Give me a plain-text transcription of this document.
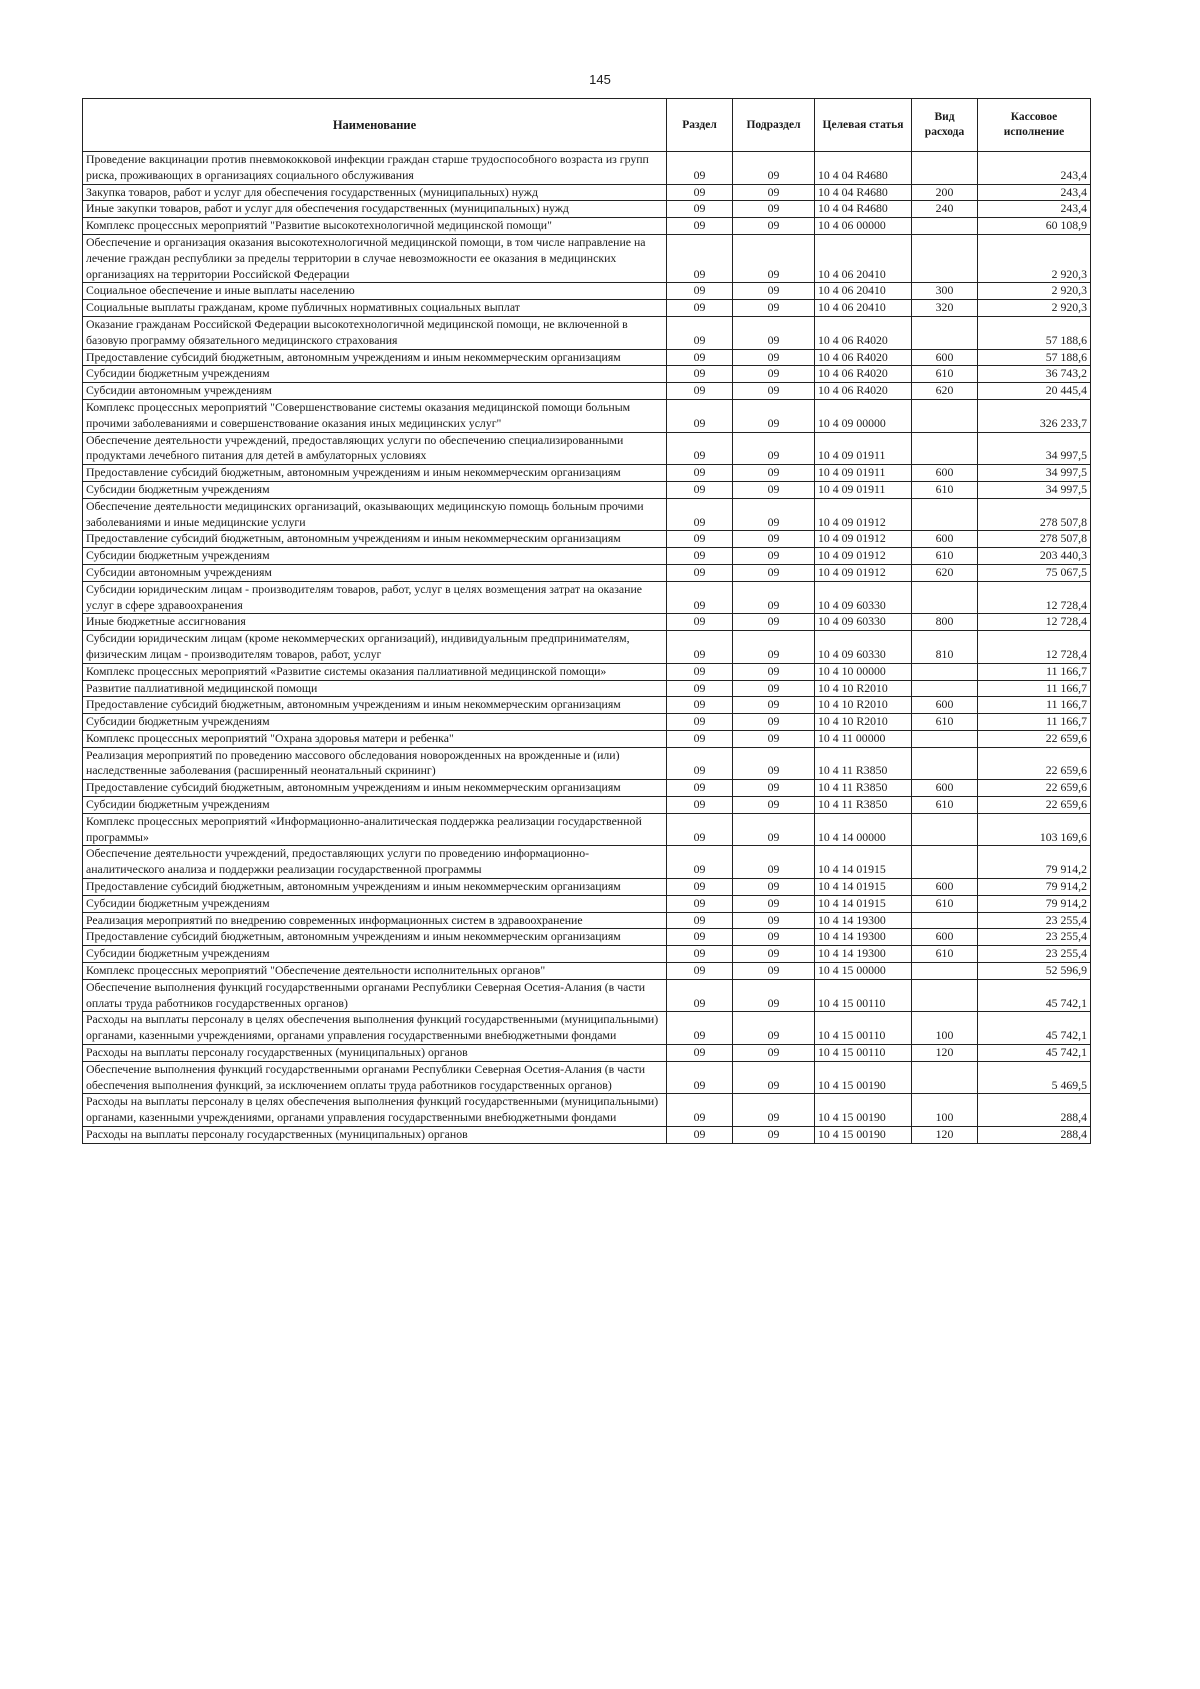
145
Наименование	Раздел	Подраздел	Целевая статья	Вид расхода	Кассовое исполнение
Проведение вакцинации против пневмококковой инфекции граждан старше трудоспособного возраста из групп риска, проживающих в организациях социального обслуживания	09	09	10 4 04 R4680		243,4
Закупка товаров, работ и услуг для обеспечения государственных (муниципальных) нужд	09	09	10 4 04 R4680	200	243,4
Иные закупки товаров, работ и услуг для обеспечения государственных (муниципальных) нужд	09	09	10 4 04 R4680	240	243,4
Комплекс процессных мероприятий "Развитие высокотехнологичной медицинской помощи"	09	09	10 4 06 00000		60 108,9
Обеспечение и организация оказания высокотехнологичной медицинской помощи, в том числе направление на лечение граждан республики за пределы территории в случае невозможности ее оказания в медицинских организациях на территории Российской Федерации	09	09	10 4 06 20410		2 920,3
Социальное обеспечение и иные выплаты населению	09	09	10 4 06 20410	300	2 920,3
Социальные выплаты гражданам, кроме публичных нормативных социальных выплат	09	09	10 4 06 20410	320	2 920,3
Оказание гражданам Российской Федерации высокотехнологичной медицинской помощи, не включенной в базовую программу обязательного медицинского страхования	09	09	10 4 06 R4020		57 188,6
Предоставление субсидий бюджетным, автономным учреждениям и иным некоммерческим организациям	09	09	10 4 06 R4020	600	57 188,6
Субсидии бюджетным учреждениям	09	09	10 4 06 R4020	610	36 743,2
Субсидии автономным учреждениям	09	09	10 4 06 R4020	620	20 445,4
Комплекс процессных мероприятий "Совершенствование системы оказания медицинской помощи больным прочими заболеваниями и совершенствование оказания иных медицинских услуг"	09	09	10 4 09 00000		326 233,7
Обеспечение деятельности учреждений, предоставляющих услуги по обеспечению специализированными продуктами лечебного питания для детей в амбулаторных условиях	09	09	10 4 09 01911		34 997,5
Предоставление субсидий бюджетным, автономным учреждениям и иным некоммерческим организациям	09	09	10 4 09 01911	600	34 997,5
Субсидии бюджетным учреждениям	09	09	10 4 09 01911	610	34 997,5
Обеспечение деятельности медицинских организаций, оказывающих медицинскую помощь больным прочими заболеваниями и иные медицинские услуги	09	09	10 4 09 01912		278 507,8
Предоставление субсидий бюджетным, автономным учреждениям и иным некоммерческим организациям	09	09	10 4 09 01912	600	278 507,8
Субсидии бюджетным учреждениям	09	09	10 4 09 01912	610	203 440,3
Субсидии автономным учреждениям	09	09	10 4 09 01912	620	75 067,5
Субсидии юридическим лицам - производителям товаров, работ, услуг в целях возмещения затрат на оказание услуг в сфере здравоохранения	09	09	10 4 09 60330		12 728,4
Иные бюджетные ассигнования	09	09	10 4 09 60330	800	12 728,4
Субсидии юридическим лицам (кроме некоммерческих организаций), индивидуальным предпринимателям, физическим лицам - производителям товаров, работ, услуг	09	09	10 4 09 60330	810	12 728,4
Комплекс процессных мероприятий «Развитие системы оказания паллиативной медицинской помощи»	09	09	10 4 10 00000		11 166,7
Развитие паллиативной медицинской помощи	09	09	10 4 10 R2010		11 166,7
Предоставление субсидий бюджетным, автономным учреждениям и иным некоммерческим организациям	09	09	10 4 10 R2010	600	11 166,7
Субсидии бюджетным учреждениям	09	09	10 4 10 R2010	610	11 166,7
Комплекс процессных мероприятий "Охрана здоровья матери и ребенка"	09	09	10 4 11 00000		22 659,6
Реализация мероприятий по проведению массового обследования новорожденных на врожденные и (или) наследственные заболевания (расширенный неонатальный скрининг)	09	09	10 4 11 R3850		22 659,6
Предоставление субсидий бюджетным, автономным учреждениям и иным некоммерческим организациям	09	09	10 4 11 R3850	600	22 659,6
Субсидии бюджетным учреждениям	09	09	10 4 11 R3850	610	22 659,6
Комплекс процессных мероприятий «Информационно-аналитическая поддержка реализации государственной программы»	09	09	10 4 14 00000		103 169,6
Обеспечение деятельности учреждений, предоставляющих услуги по проведению информационно-аналитического анализа и поддержки реализации государственной программы	09	09	10 4 14 01915		79 914,2
Предоставление субсидий бюджетным, автономным учреждениям и иным некоммерческим организациям	09	09	10 4 14 01915	600	79 914,2
Субсидии бюджетным учреждениям	09	09	10 4 14 01915	610	79 914,2
Реализация мероприятий по внедрению современных информационных систем в здравоохранение	09	09	10 4 14 19300		23 255,4
Предоставление субсидий бюджетным, автономным учреждениям и иным некоммерческим организациям	09	09	10 4 14 19300	600	23 255,4
Субсидии бюджетным учреждениям	09	09	10 4 14 19300	610	23 255,4
Комплекс процессных мероприятий "Обеспечение деятельности исполнительных органов"	09	09	10 4 15 00000		52 596,9
Обеспечение выполнения функций государственными органами Республики Северная Осетия-Алания (в части оплаты труда работников государственных органов)	09	09	10 4 15 00110		45 742,1
Расходы на выплаты персоналу в целях обеспечения выполнения функций государственными (муниципальными) органами, казенными учреждениями, органами управления государственными внебюджетными фондами	09	09	10 4 15 00110	100	45 742,1
Расходы на выплаты персоналу государственных (муниципальных) органов	09	09	10 4 15 00110	120	45 742,1
Обеспечение выполнения функций государственными органами Республики Северная Осетия-Алания (в части обеспечения выполнения функций, за исключением оплаты труда работников государственных органов)	09	09	10 4 15 00190		5 469,5
Расходы на выплаты персоналу в целях обеспечения выполнения функций государственными (муниципальными) органами, казенными учреждениями, органами управления государственными внебюджетными фондами	09	09	10 4 15 00190	100	288,4
Расходы на выплаты персоналу государственных (муниципальных) органов	09	09	10 4 15 00190	120	288,4
